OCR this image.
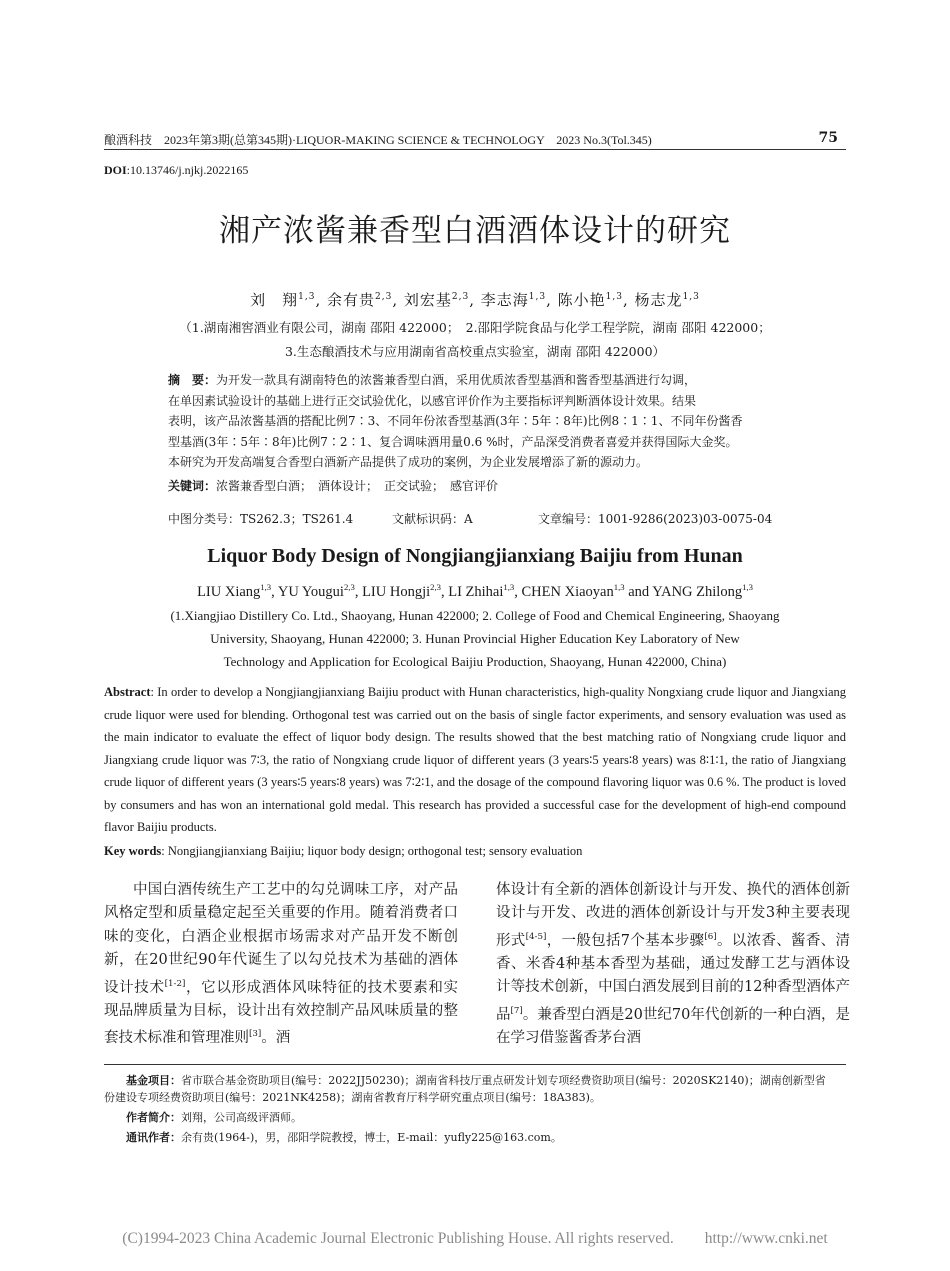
酿酒科技　2023年第3期(总第345期)·LIQUOR-MAKING SCIENCE & TECHNOLOGY　2023 No.3(Tol.345)	75
DOI:10.13746/j.njkj.2022165
湘产浓酱兼香型白酒酒体设计的研究
刘　翔$^{1,3}$, 余有贵$^{2,3}$, 刘宏基$^{2,3}$, 李志海$^{1,3}$, 陈小艳$^{1,3}$, 杨志龙$^{1,3}$
（1.湖南湘窖酒业有限公司，湖南 邵阳 422000；　2.邵阳学院食品与化学工程学院，湖南 邵阳 422000；
3.生态酿酒技术与应用湖南省高校重点实验室，湖南 邵阳 422000）
摘　要：为开发一款具有湖南特色的浓酱兼香型白酒，采用优质浓香型基酒和酱香型基酒进行勾调，
在单因素试验设计的基础上进行正交试验优化，以感官评价作为主要指标评判断酒体设计效果。结果
表明，该产品浓酱基酒的搭配比例7∶3、不同年份浓香型基酒(3年∶5年∶8年)比例8∶1∶1、不同年份酱香
型基酒(3年∶5年∶8年)比例7∶2∶1、复合调味酒用量0.6 %时，产品深受消费者喜爱并获得国际大金奖。
本研究为开发高端复合香型白酒新产品提供了成功的案例，为企业发展增添了新的源动力。
关键词：浓酱兼香型白酒；　酒体设计；　正交试验；　感官评价
中图分类号：TS262.3；TS261.4	文献标识码：A	文章编号：1001-9286(2023)03-0075-04
Liquor Body Design of Nongjiangjianxiang Baijiu from Hunan
LIU Xiang$^{1,3}$, YU Yougui$^{2,3}$, LIU Hongji$^{2,3}$, LI Zhihai$^{1,3}$, CHEN Xiaoyan$^{1,3}$ and YANG Zhilong$^{1,3}$
(1.Xiangjiao Distillery Co. Ltd., Shaoyang, Hunan 422000; 2. College of Food and Chemical Engineering, Shaoyang
University, Shaoyang, Hunan 422000; 3. Hunan Provincial Higher Education Key Laboratory of New
Technology and Application for Ecological Baijiu Production, Shaoyang, Hunan 422000, China)
Abstract: In order to develop a Nongjiangjianxiang Baijiu product with Hunan characteristics, high-quality Nongxiang crude liquor and Jiangxiang crude liquor were used for blending. Orthogonal test was carried out on the basis of single factor experiments, and sensory evaluation was used as the main indicator to evaluate the effect of liquor body design. The results showed that the best matching ratio of Nongxiang crude liquor and Jiangxiang crude liquor was 7∶3, the ratio of Nongxiang crude liquor of different years (3 years∶5 years∶8 years) was 8∶1∶1, the ratio of Jiangxiang crude liquor of different years (3 years∶5 years∶8 years) was 7∶2∶1, and the dosage of the compound flavoring liquor was 0.6 %. The product is loved by consumers and has won an international gold medal. This research has provided a successful case for the development of high-end compound flavor Baijiu products.
Key words: Nongjiangjianxiang Baijiu; liquor body design; orthogonal test; sensory evaluation
中国白酒传统生产工艺中的勾兑调味工序，对产品风格定型和质量稳定起至关重要的作用。随着消费者口味的变化，白酒企业根据市场需求对产品开发不断创新，在20世纪90年代诞生了以勾兑技术为基础的酒体设计技术[1-2]，它以形成酒体风味特征的技术要素和实现品牌质量为目标，设计出有效控制产品风味质量的整套技术标准和管理准则[3]。酒
体设计有全新的酒体创新设计与开发、换代的酒体创新设计与开发、改进的酒体创新设计与开发3种主要表现形式[4-5]，一般包括7个基本步骤[6]。以浓香、酱香、清香、米香4种基本香型为基础，通过发酵工艺与酒体设计等技术创新，中国白酒发展到目前的12种香型酒体产品[7]。兼香型白酒是20世纪70年代创新的一种白酒，是在学习借鉴酱香茅台酒
基金项目：省市联合基金资助项目(编号：2022JJ50230)；湖南省科技厅重点研发计划专项经费资助项目(编号：2020SK2140)；湖南创新型省
份建设专项经费资助项目(编号：2021NK4258)；湖南省教育厅科学研究重点项目(编号：18A383)。
作者简介：刘翔，公司高级评酒师。
通讯作者：余有贵(1964-)，男，邵阳学院教授，博士，E-mail：yufly225@163.com。
(C)1994-2023 China Academic Journal Electronic Publishing House. All rights reserved.　　http://www.cnki.net
